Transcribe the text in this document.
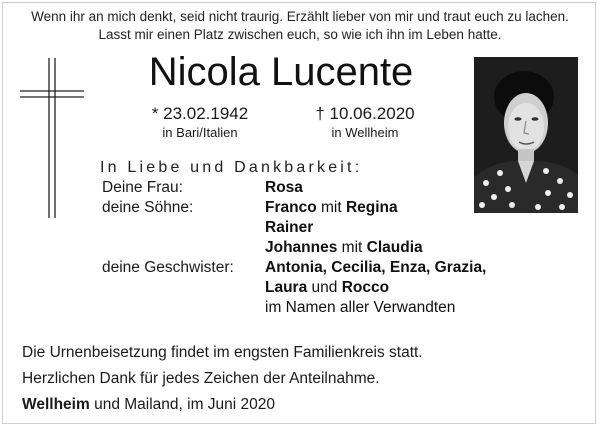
Wenn ihr an mich denkt, seid nicht traurig. Erzählt lieber von mir und traut euch zu lachen.
Lasst mir einen Platz zwischen euch, so wie ich ihn im Leben hatte.
Nicola Lucente
* 23.02.1942
in Bari/Italien
† 10.06.2020
in Wellheim
In Liebe und Dankbarkeit:
Deine Frau:	Rosa
deine Söhne:	Franco mit Regina
Rainer
Johannes mit Claudia
deine Geschwister: Antonia, Cecilia, Enza, Grazia,
Laura und Rocco
im Namen aller Verwandten
Die Urnenbeisetzung findet im engsten Familienkreis statt.
Herzlichen Dank für jedes Zeichen der Anteilnahme.
Wellheim und Mailand, im Juni 2020
